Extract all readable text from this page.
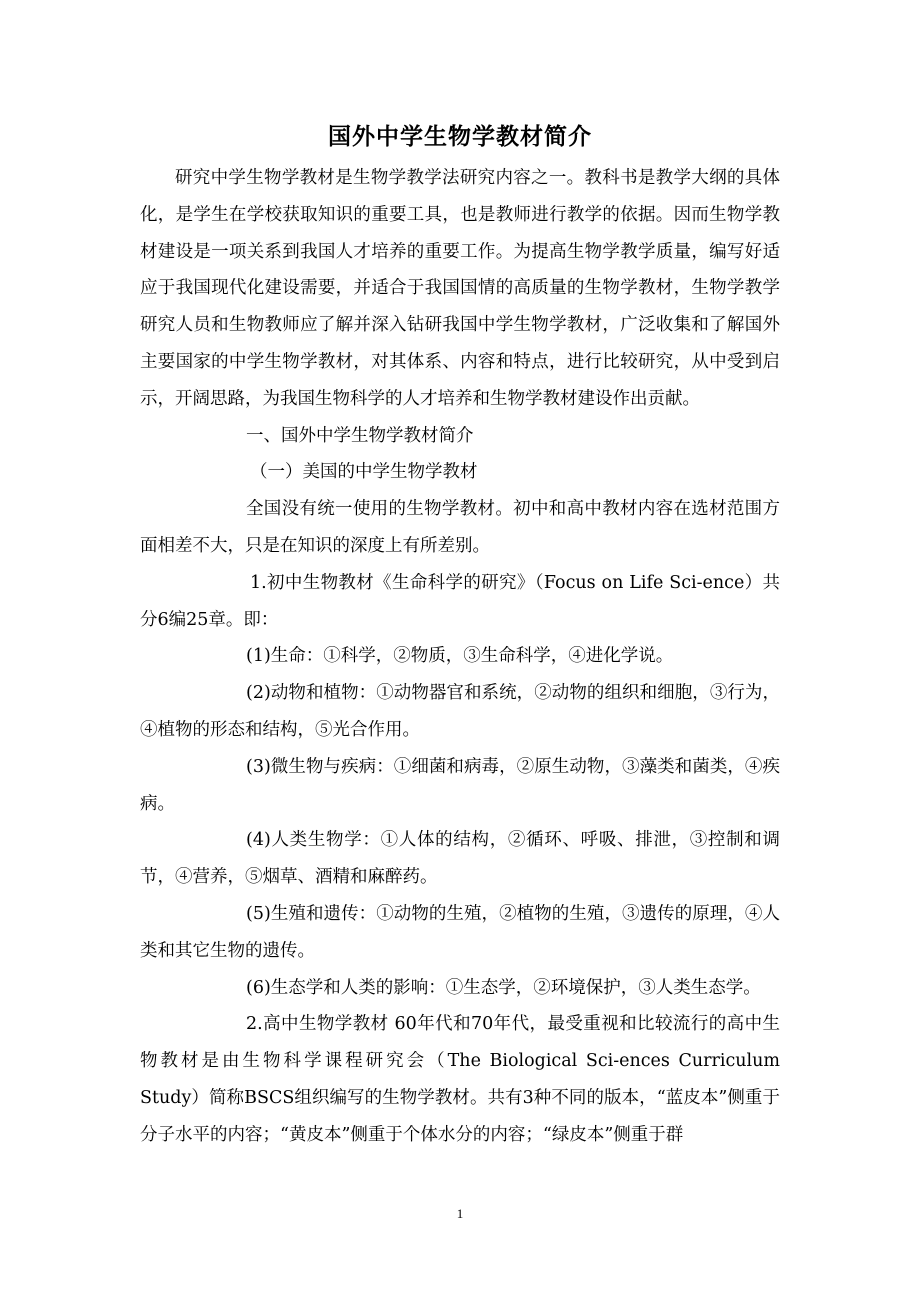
国外中学生物学教材简介

研究中学生物学教材是生物学教学法研究内容之一。教科书是教学大纲的具体化，是学生在学校获取知识的重要工具，也是教师进行教学的依据。因而生物学教材建设是一项关系到我国人才培养的重要工作。为提高生物学教学质量，编写好适应于我国现代化建设需要，并适合于我国国情的高质量的生物学教材，生物学教学研究人员和生物教师应了解并深入钻研我国中学生物学教材，广泛收集和了解国外主要国家的中学生物学教材，对其体系、内容和特点，进行比较研究，从中受到启示，开阔思路，为我国生物科学的人才培养和生物学教材建设作出贡献。

一、国外中学生物学教材简介

（一）美国的中学生物学教材

全国没有统一使用的生物学教材。初中和高中教材内容在选材范围方面相差不大，只是在知识的深度上有所差别。

1.初中生物教材《生命科学的研究》（Focus on Life Sci-ence）共分6编25章。即：

(1)生命：①科学，②物质，③生命科学，④进化学说。

(2)动物和植物：①动物器官和系统，②动物的组织和细胞，③行为，④植物的形态和结构，⑤光合作用。

(3)微生物与疾病：①细菌和病毒，②原生动物，③藻类和菌类，④疾病。

(4)人类生物学：①人体的结构，②循环、呼吸、排泄，③控制和调节，④营养，⑤烟草、酒精和麻醉药。

(5)生殖和遗传：①动物的生殖，②植物的生殖，③遗传的原理，④人类和其它生物的遗传。

(6)生态学和人类的影响：①生态学，②环境保护，③人类生态学。

2.高中生物学教材 60年代和70年代，最受重视和比较流行的高中生物教材是由生物科学课程研究会（The Biological Sci-ences Curriculum Study）简称BSCS组织编写的生物学教材。共有3种不同的版本，“蓝皮本”侧重于分子水平的内容；“黄皮本”侧重于个体水分的内容；“绿皮本”侧重于群

1
